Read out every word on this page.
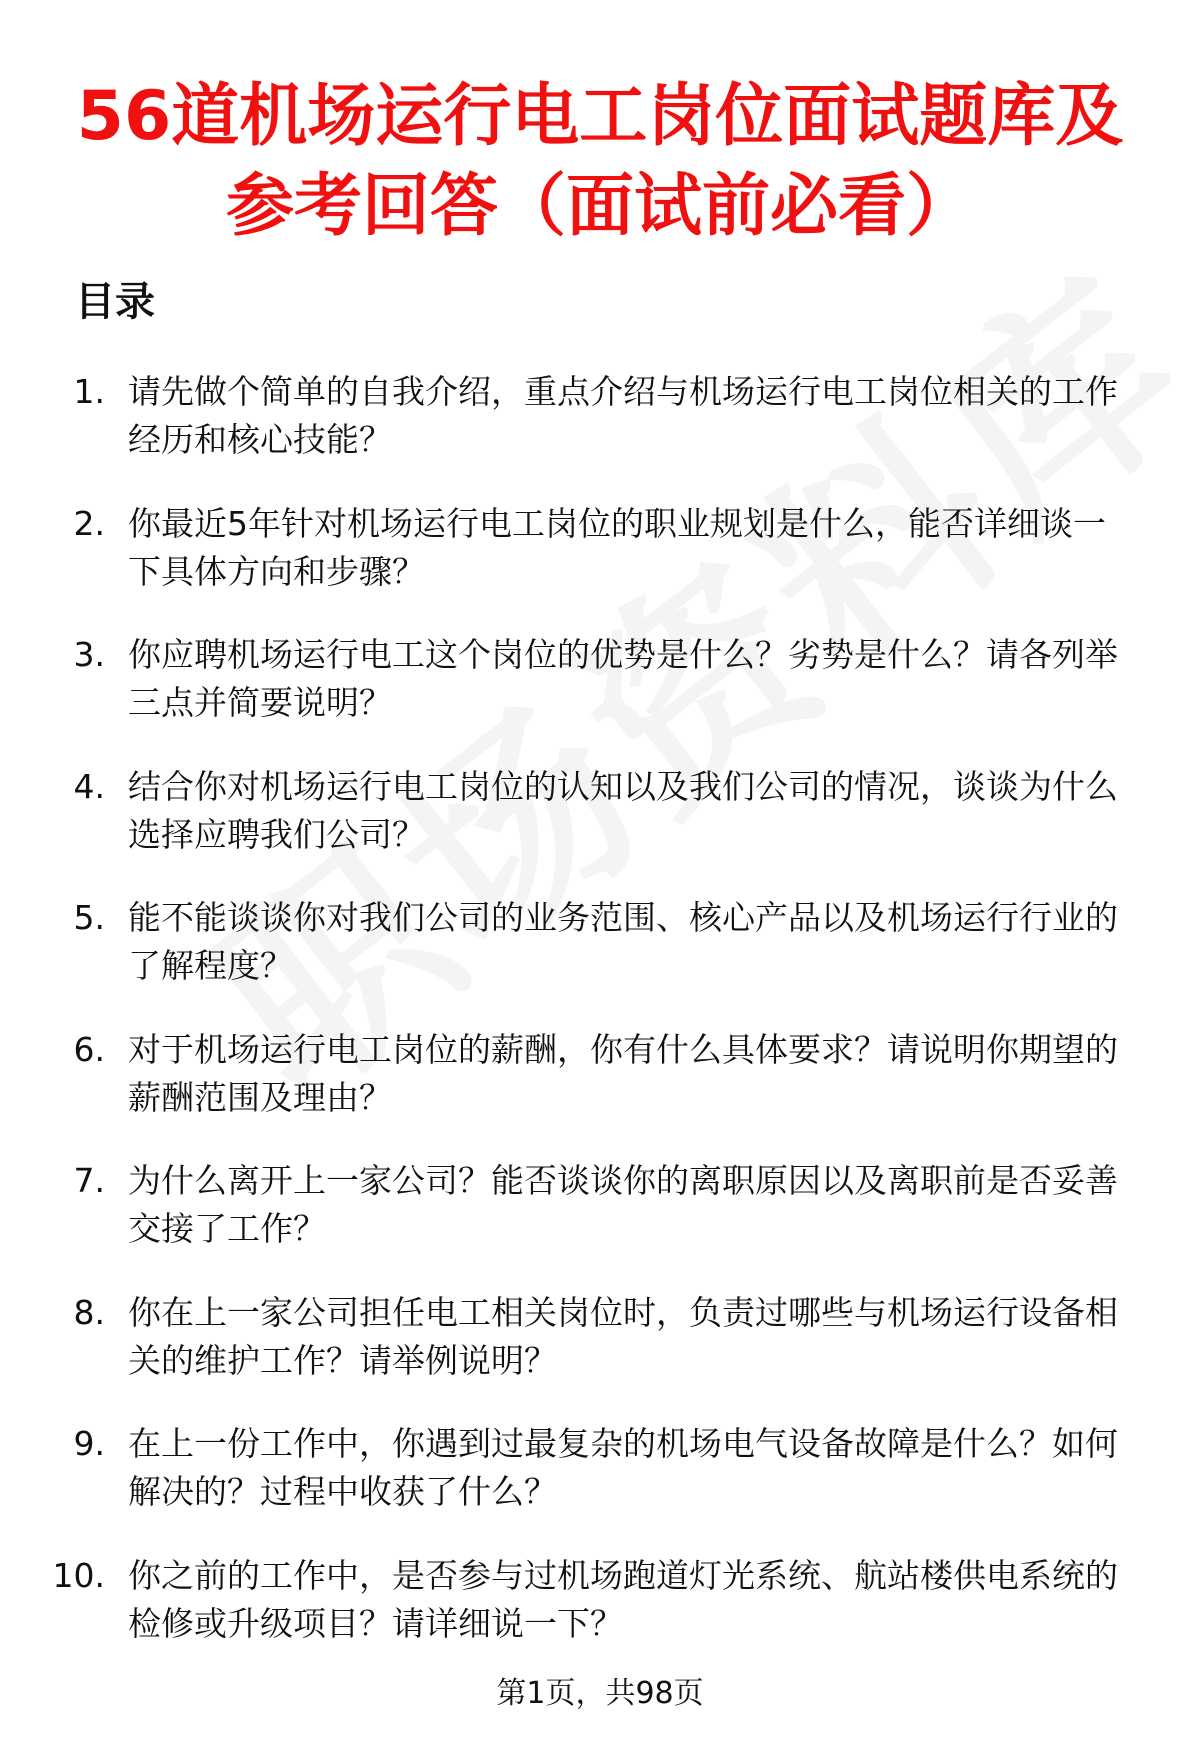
56道机场运行电工岗位面试题库及参考回答（面试前必看）
目录
1. 请先做个简单的自我介绍，重点介绍与机场运行电工岗位相关的工作经历和核心技能？
2. 你最近5年针对机场运行电工岗位的职业规划是什么，能否详细谈一下具体方向和步骤？
3. 你应聘机场运行电工这个岗位的优势是什么？劣势是什么？请各列举三点并简要说明？
4. 结合你对机场运行电工岗位的认知以及我们公司的情况，谈谈为什么选择应聘我们公司？
5. 能不能谈谈你对我们公司的业务范围、核心产品以及机场运行行业的了解程度？
6. 对于机场运行电工岗位的薪酬，你有什么具体要求？请说明你期望的薪酬范围及理由？
7. 为什么离开上一家公司？能否谈谈你的离职原因以及离职前是否妥善交接了工作？
8. 你在上一家公司担任电工相关岗位时，负责过哪些与机场运行设备相关的维护工作？请举例说明？
9. 在上一份工作中，你遇到过最复杂的机场电气设备故障是什么？如何解决的？过程中收获了什么？
10. 你之前的工作中，是否参与过机场跑道灯光系统、航站楼供电系统的检修或升级项目？请详细说一下？
第1页，共98页
